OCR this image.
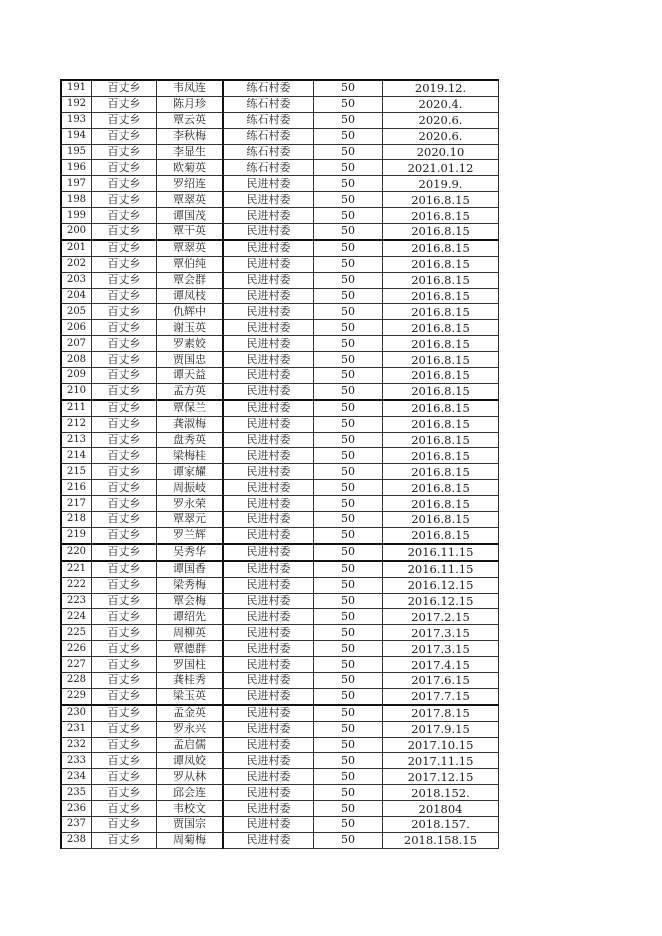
191	百丈乡	韦凤连	练石村委	50	2019.12.
192	百丈乡	陈月珍	练石村委	50	2020.4.
193	百丈乡	覃云英	练石村委	50	2020.6.
194	百丈乡	李秋梅	练石村委	50	2020.6.
195	百丈乡	李显生	练石村委	50	2020.10
196	百丈乡	欧菊英	练石村委	50	2021.01.12
197	百丈乡	罗绍连	民进村委	50	2019.9.
198	百丈乡	覃翠英	民进村委	50	2016.8.15
199	百丈乡	谭国茂	民进村委	50	2016.8.15
200	百丈乡	覃干英	民进村委	50	2016.8.15
201	百丈乡	覃翠英	民进村委	50	2016.8.15
202	百丈乡	覃伯纯	民进村委	50	2016.8.15
203	百丈乡	覃会群	民进村委	50	2016.8.15
204	百丈乡	谭凤枝	民进村委	50	2016.8.15
205	百丈乡	仇辉中	民进村委	50	2016.8.15
206	百丈乡	谢玉英	民进村委	50	2016.8.15
207	百丈乡	罗素姣	民进村委	50	2016.8.15
208	百丈乡	贾国忠	民进村委	50	2016.8.15
209	百丈乡	谭天益	民进村委	50	2016.8.15
210	百丈乡	孟方英	民进村委	50	2016.8.15
211	百丈乡	覃保兰	民进村委	50	2016.8.15
212	百丈乡	龚淑梅	民进村委	50	2016.8.15
213	百丈乡	盘秀英	民进村委	50	2016.8.15
214	百丈乡	梁梅桂	民进村委	50	2016.8.15
215	百丈乡	谭家耀	民进村委	50	2016.8.15
216	百丈乡	周振岐	民进村委	50	2016.8.15
217	百丈乡	罗永荣	民进村委	50	2016.8.15
218	百丈乡	覃翠元	民进村委	50	2016.8.15
219	百丈乡	罗兰辉	民进村委	50	2016.8.15
220	百丈乡	吴秀华	民进村委	50	2016.11.15
221	百丈乡	谭国香	民进村委	50	2016.11.15
222	百丈乡	梁秀梅	民进村委	50	2016.12.15
223	百丈乡	覃会梅	民进村委	50	2016.12.15
224	百丈乡	谭绍先	民进村委	50	2017.2.15
225	百丈乡	周柳英	民进村委	50	2017.3.15
226	百丈乡	覃德群	民进村委	50	2017.3.15
227	百丈乡	罗国柱	民进村委	50	2017.4.15
228	百丈乡	龚桂秀	民进村委	50	2017.6.15
229	百丈乡	梁玉英	民进村委	50	2017.7.15
230	百丈乡	孟金英	民进村委	50	2017.8.15
231	百丈乡	罗永兴	民进村委	50	2017.9.15
232	百丈乡	孟启儒	民进村委	50	2017.10.15
233	百丈乡	谭凤姣	民进村委	50	2017.11.15
234	百丈乡	罗从林	民进村委	50	2017.12.15
235	百丈乡	邱会连	民进村委	50	2018.152.
236	百丈乡	韦校文	民进村委	50	201804
237	百丈乡	贾国宗	民进村委	50	2018.157.
238	百丈乡	周菊梅	民进村委	50	2018.158.15
